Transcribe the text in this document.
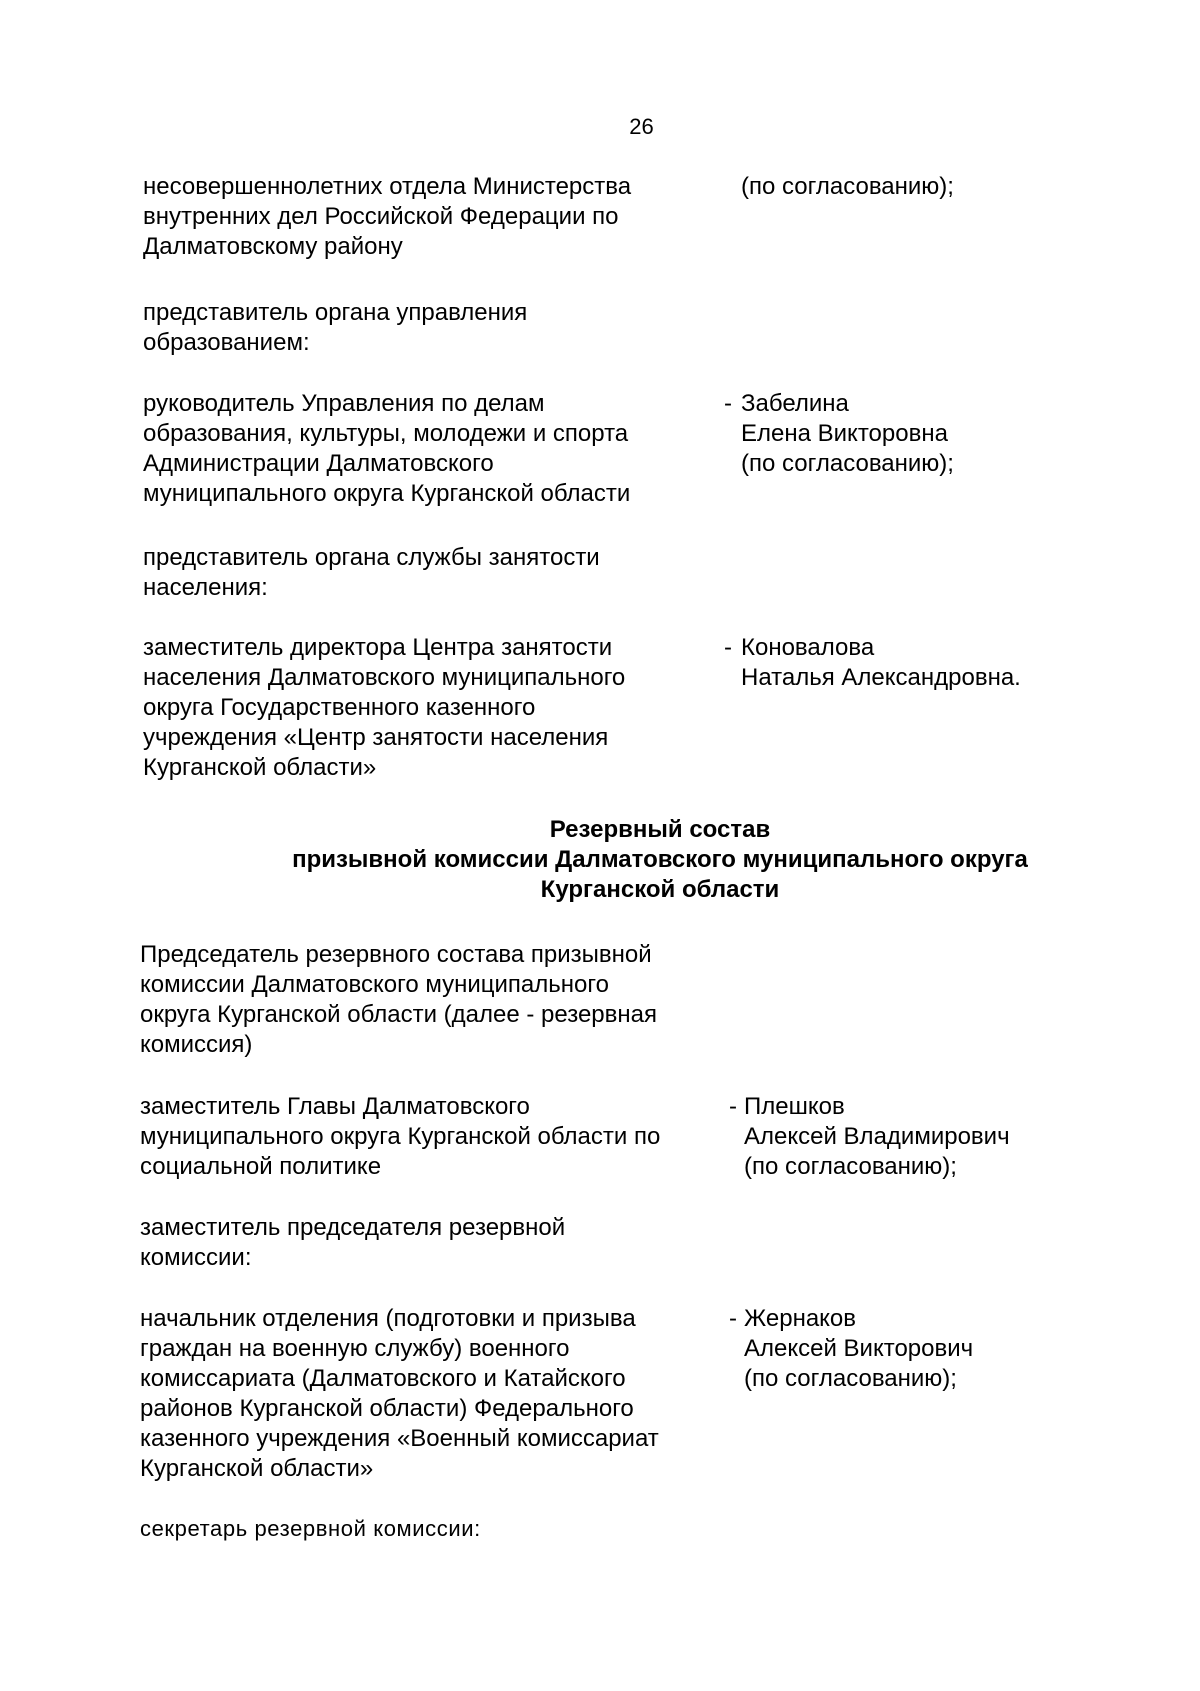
26
несовершеннолетних отдела Министерства
внутренних дел Российской Федерации по
Далматовскому району
(по согласованию);
представитель органа управления
образованием:
руководитель Управления по делам
образования, культуры, молодежи и спорта
Администрации Далматовского
муниципального округа Курганской области
- Забелина
Елена Викторовна
(по согласованию);
представитель органа службы занятости
населения:
заместитель директора Центра занятости
населения Далматовского муниципального
округа Государственного казенного
учреждения «Центр занятости населения
Курганской области»
- Коновалова
Наталья Александровна.
Резервный состав
призывной комиссии Далматовского муниципального округа
Курганской области
Председатель резервного состава призывной
комиссии Далматовского муниципального
округа Курганской области (далее - резервная
комиссия)
заместитель Главы Далматовского
муниципального округа Курганской области по
социальной политике
- Плешков
Алексей Владимирович
(по согласованию);
заместитель председателя резервной
комиссии:
начальник отделения (подготовки и призыва
граждан на военную службу) военного
комиссариата (Далматовского и Катайского
районов Курганской области) Федерального
казенного учреждения «Военный комиссариат
Курганской области»
- Жернаков
Алексей Викторович
(по согласованию);
секретарь резервной комиссии:
